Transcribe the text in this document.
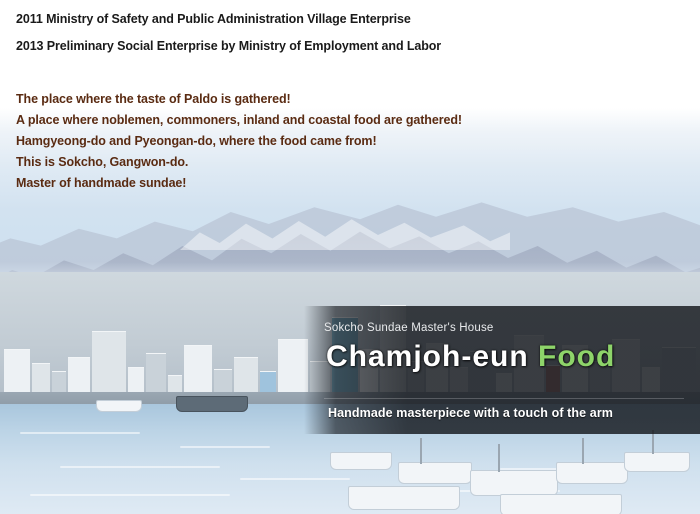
2011 Ministry of Safety and Public Administration Village Enterprise
2013 Preliminary Social Enterprise by Ministry of Employment and Labor
The place where the taste of Paldo is gathered!
A place where noblemen, commoners, inland and coastal food are gathered!
Hamgyeong-do and Pyeongan-do, where the food came from!
This is Sokcho, Gangwon-do.
Master of handmade sundae!
Sokcho Sundae Master's House
Chamjoh-eun Food
Handmade masterpiece with a touch of the arm
